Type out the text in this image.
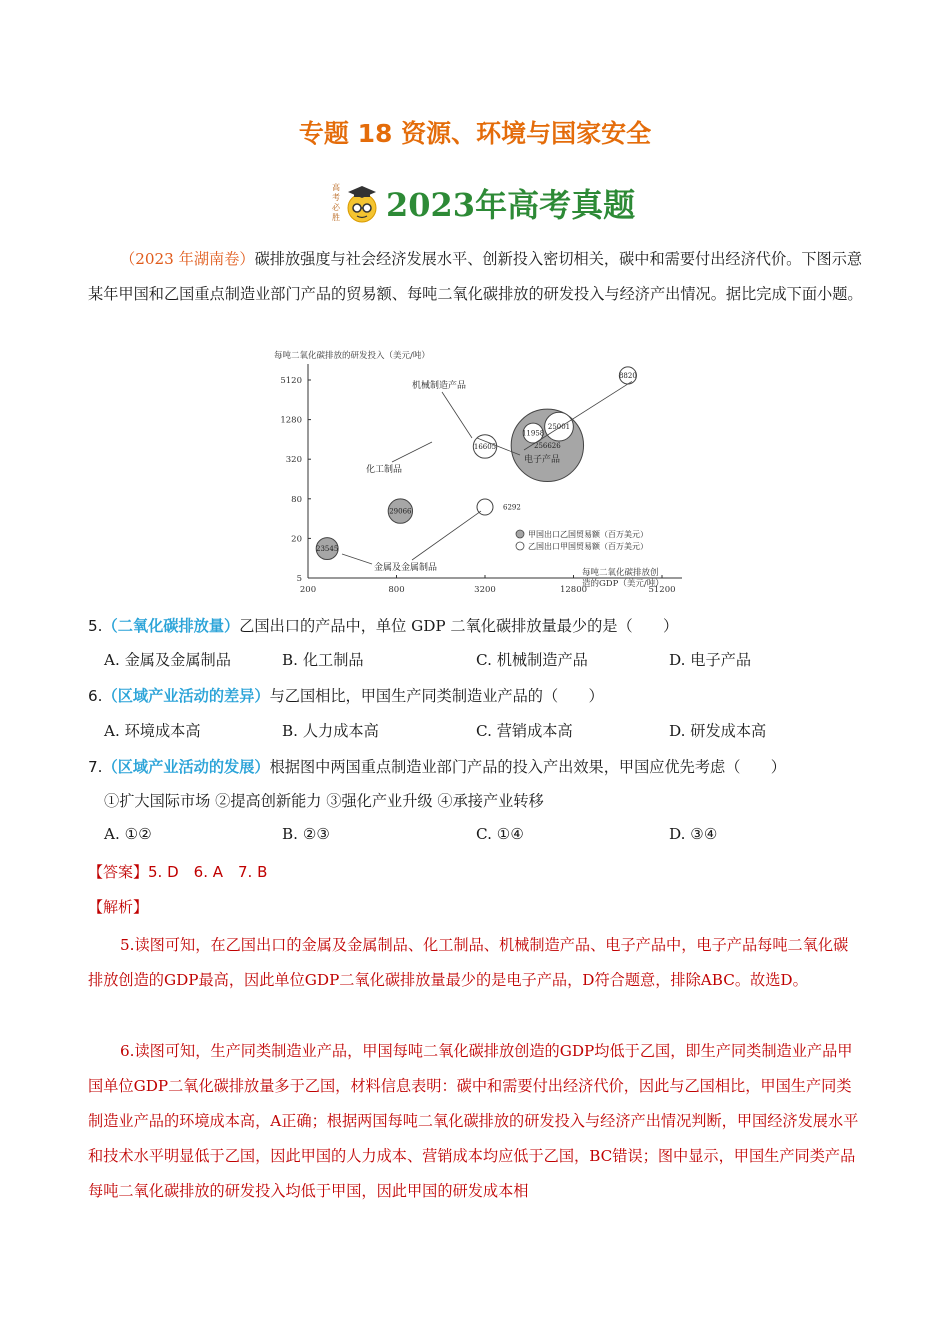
专题 18 资源、环境与国家安全
高
考
必
胜 2023年高考真题
（2023 年湖南卷）碳排放强度与社会经济发展水平、创新投入密切相关，碳中和需要付出经济代价。下图示意某年甲国和乙国重点制造业部门产品的贸易额、每吨二氧化碳排放的研发投入与经济产出情况。据比完成下面小题。
每吨二氧化碳排放的研发投入（美元/吨）
每吨二氧化碳排放创
造的GDP（美元/吨）
200	800	3200	12800	51200
5
20
80
320
1280
5120
256626
25001
29066
16605
23545
11958
8820
6292
机械制造产品
化工制品
电子产品
金属及金属制品
甲国出口乙国贸易额（百万美元）
乙国出口甲国贸易额（百万美元）
5.（二氧化碳排放量）乙国出口的产品中，单位 GDP 二氧化碳排放量最少的是（　　）
A. 金属及金属制品	B. 化工制品	C. 机械制造产品	D. 电子产品
6.（区域产业活动的差异）与乙国相比，甲国生产同类制造业产品的（　　）
A. 环境成本高	B. 人力成本高	C. 营销成本高	D. 研发成本高
7.（区域产业活动的发展）根据图中两国重点制造业部门产品的投入产出效果，甲国应优先考虑（　　）
①扩大国际市场 ②提高创新能力 ③强化产业升级 ④承接产业转移
A. ①②	B. ②③	C. ①④	D. ③④
【答案】5. D　6. A　7. B
【解析】
5.读图可知，在乙国出口的金属及金属制品、化工制品、机械制造产品、电子产品中，电子产品每吨二氧化碳排放创造的GDP最高，因此单位GDP二氧化碳排放量最少的是电子产品，D符合题意，排除ABC。故选D。
6.读图可知，生产同类制造业产品，甲国每吨二氧化碳排放创造的GDP均低于乙国，即生产同类制造业产品甲国单位GDP二氧化碳排放量多于乙国，材料信息表明：碳中和需要付出经济代价，因此与乙国相比，甲国生产同类制造业产品的环境成本高，A正确；根据两国每吨二氧化碳排放的研发投入与经济产出情况判断，甲国经济发展水平和技术水平明显低于乙国，因此甲国的人力成本、营销成本均应低于乙国，BC错误；图中显示，甲国生产同类产品每吨二氧化碳排放的研发投入均低于甲国，因此甲国的研发成本相
